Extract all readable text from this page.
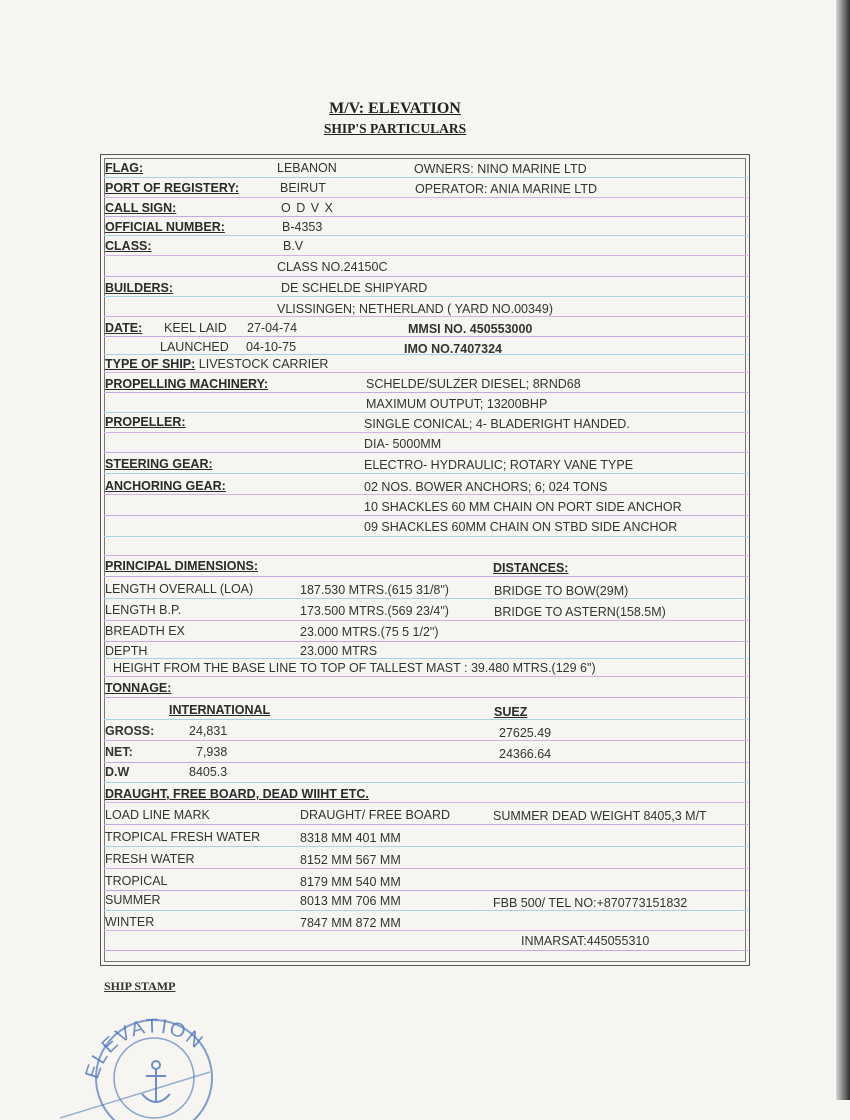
M/V: ELEVATION
SHIP'S PARTICULARS
FLAG:	LEBANON	OWNERS: NINO MARINE LTD
PORT OF REGISTERY:	BEIRUT	OPERATOR: ANIA MARINE LTD
CALL SIGN:	O D V X
OFFICIAL NUMBER:	B-4353
CLASS:	B.V
CLASS NO.24150C
BUILDERS:	DE SCHELDE SHIPYARD
VLISSINGEN; NETHERLAND ( YARD NO.00349)
DATE: KEEL LAID 27-04-74	MMSI NO. 450553000
LAUNCHED 04-10-75	IMO NO.7407324
TYPE OF SHIP: LIVESTOCK CARRIER
PROPELLING MACHINERY:	SCHELDE/SULZER DIESEL; 8RND68
MAXIMUM OUTPUT; 13200BHP
PROPELLER:	SINGLE CONICAL; 4- BLADERIGHT HANDED.
DIA- 5000MM
STEERING GEAR:	ELECTRO- HYDRAULIC; ROTARY VANE TYPE
ANCHORING GEAR:	02 NOS. BOWER ANCHORS; 6; 024 TONS
10 SHACKLES 60 MM CHAIN ON PORT SIDE ANCHOR
09 SHACKLES 60MM CHAIN ON STBD SIDE ANCHOR
PRINCIPAL DIMENSIONS:	DISTANCES:
LENGTH OVERALL (LOA)	187.530 MTRS.(615 31/8")	BRIDGE TO BOW(29M)
LENGTH B.P.	173.500 MTRS.(569 23/4")	BRIDGE TO ASTERN(158.5M)
BREADTH EX	23.000 MTRS.(75 5 1/2")
DEPTH	23.000 MTRS
HEIGHT FROM THE BASE LINE TO TOP OF TALLEST MAST : 39.480 MTRS.(129 6")
TONNAGE:
INTERNATIONAL	SUEZ
GROSS:	24,831	27625.49
NET:	7,938	24366.64
D.W	8405.3
DRAUGHT, FREE BOARD, DEAD WIIHT ETC.
LOAD LINE MARK	DRAUGHT/ FREE BOARD	SUMMER DEAD WEIGHT 8405,3 M/T
TROPICAL FRESH WATER	8318 MM 401 MM
FRESH WATER	8152 MM 567 MM
TROPICAL	8179 MM 540 MM
SUMMER	8013 MM 706 MM	FBB 500/ TEL NO:+870773151832
WINTER	7847 MM 872 MM
INMARSAT:445055310
SHIP STAMP
ELEVATION
